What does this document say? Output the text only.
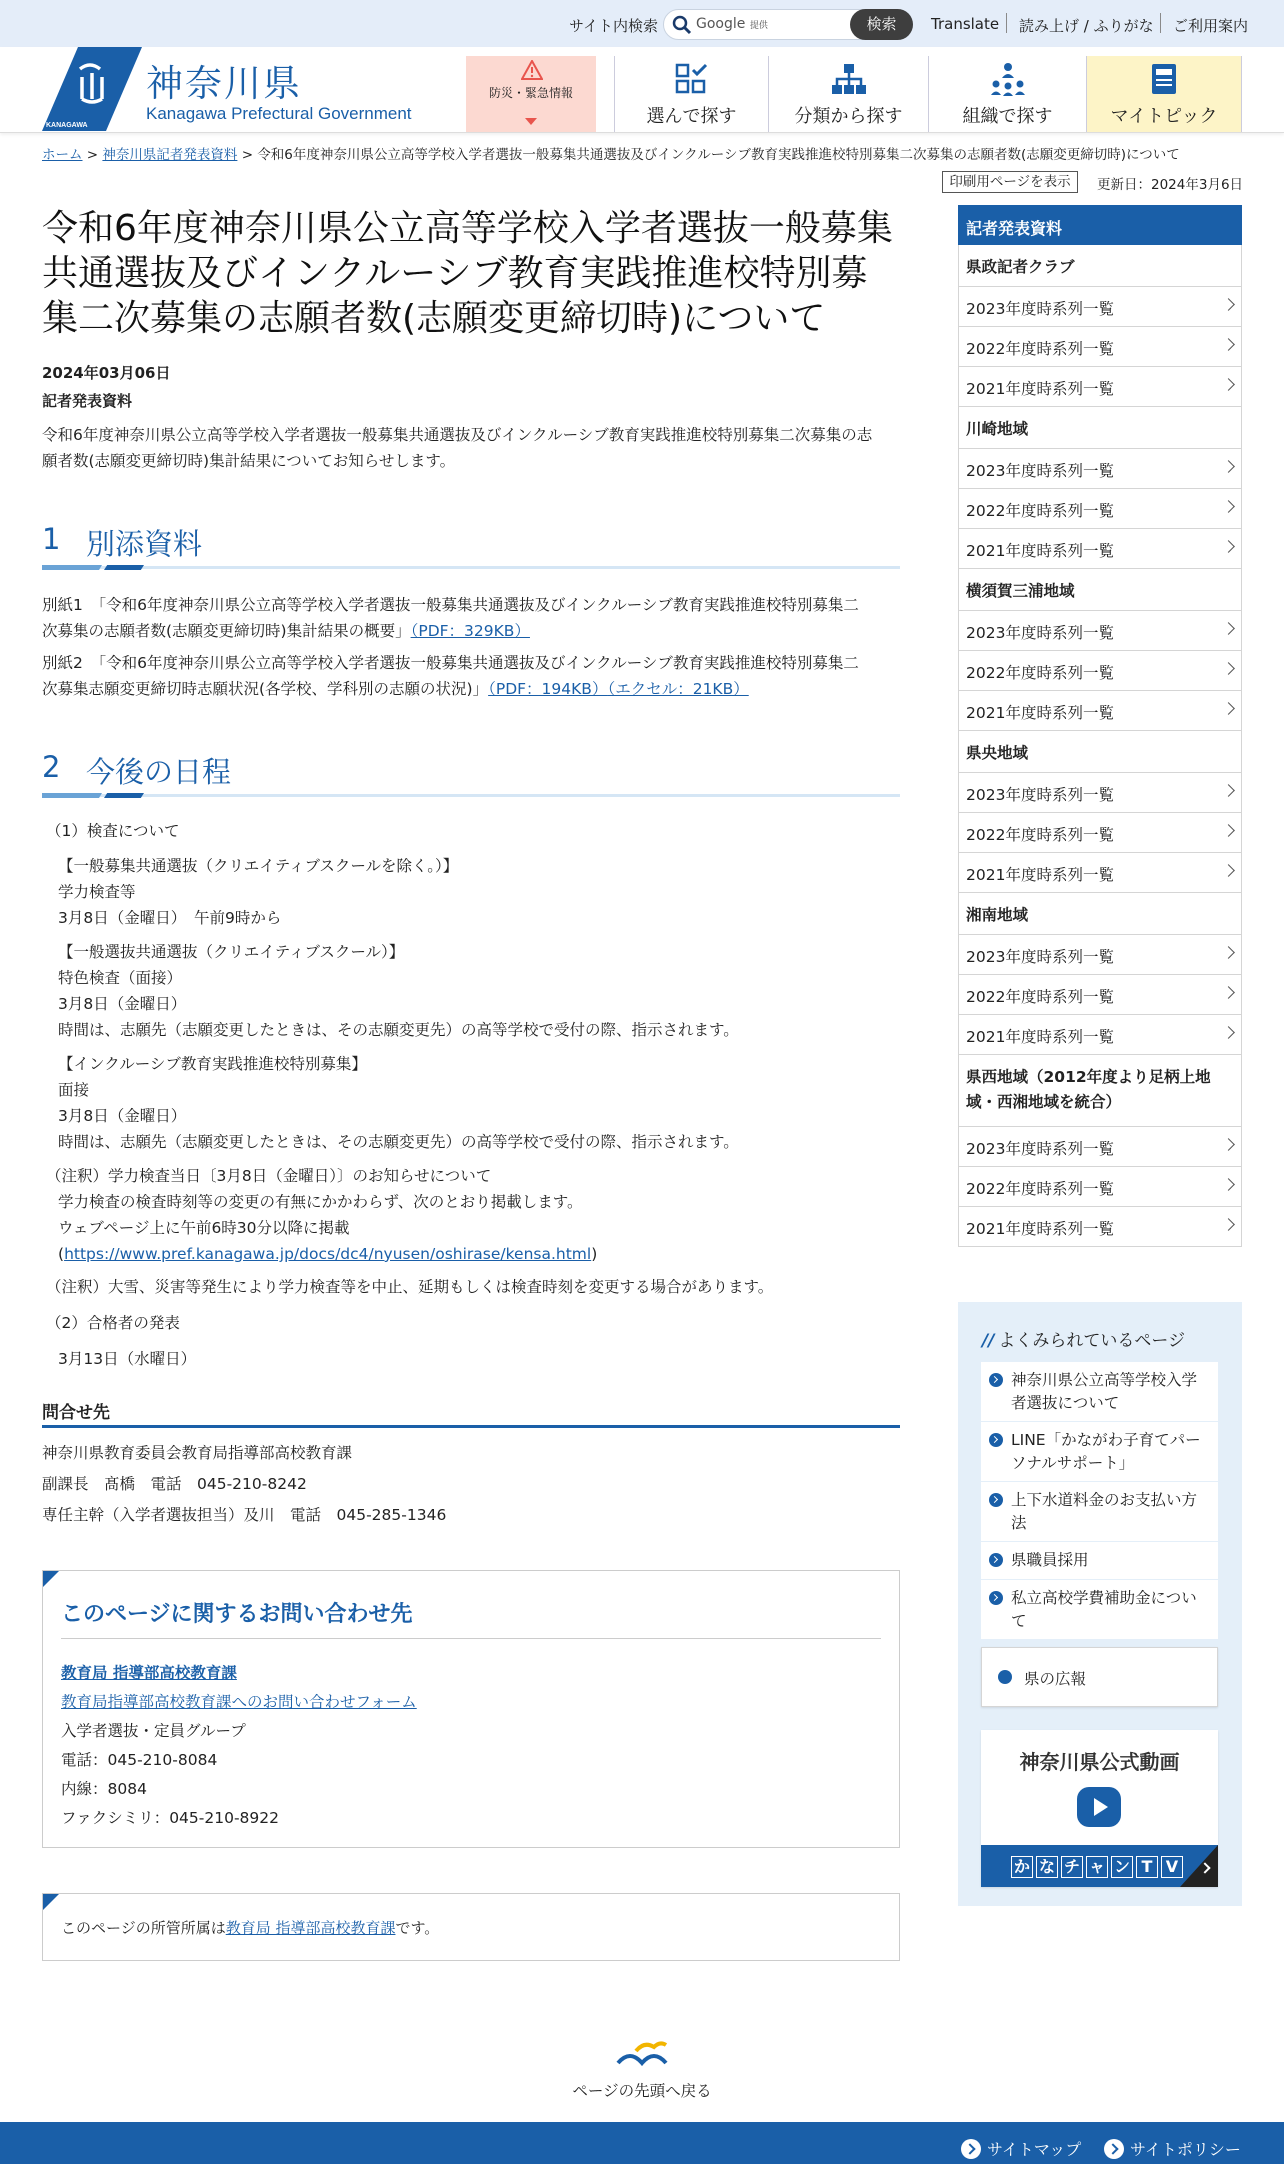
サイト内検索	Google 提供	検索	Translate 読み上げ / ふりがな ご利用案内
KANAGAWA
神奈川県
Kanagawa Prefectural Government
防災・緊急情報
選んで探す	分類から探す	組織で探す	マイトピック
ホーム > 神奈川県記者発表資料 > 令和6年度神奈川県公立高等学校入学者選抜一般募集共通選抜及びインクルーシブ教育実践推進校特別募集二次募集の志願者数(志願変更締切時)について
印刷用ページを表示	更新日：2024年3月6日
令和6年度神奈川県公立高等学校入学者選抜一般募集共通選抜及びインクルーシブ教育実践推進校特別募集二次募集の志願者数(志願変更締切時)について
2024年03月06日
記者発表資料
令和6年度神奈川県公立高等学校入学者選抜一般募集共通選抜及びインクルーシブ教育実践推進校特別募集二次募集の志
願者数(志願変更締切時)集計結果についてお知らせします。
1 別添資料
別紙1　「令和6年度神奈川県公立高等学校入学者選抜一般募集共通選抜及びインクルーシブ教育実践推進校特別募集二
次募集の志願者数(志願変更締切時)集計結果の概要」（PDF：329KB）
別紙2　「令和6年度神奈川県公立高等学校入学者選抜一般募集共通選抜及びインクルーシブ教育実践推進校特別募集二
次募集志願変更締切時志願状況(各学校、学科別の志願の状況)」（PDF：194KB）（エクセル：21KB）
2 今後の日程
（1）検査について
【一般募集共通選抜（クリエイティブスクールを除く。）】
学力検査等
3月8日（金曜日）　午前9時から
【一般選抜共通選抜（クリエイティブスクール）】
特色検査（面接）
3月8日（金曜日）
時間は、志願先（志願変更したときは、その志願変更先）の高等学校で受付の際、指示されます。
【インクルーシブ教育実践推進校特別募集】
面接
3月8日（金曜日）
時間は、志願先（志願変更したときは、その志願変更先）の高等学校で受付の際、指示されます。
（注釈）学力検査当日〔3月8日（金曜日）〕のお知らせについて
学力検査の検査時刻等の変更の有無にかかわらず、次のとおり掲載します。
ウェブページ上に午前6時30分以降に掲載
(https://www.pref.kanagawa.jp/docs/dc4/nyusen/oshirase/kensa.html)
（注釈）大雪、災害等発生により学力検査等を中止、延期もしくは検査時刻を変更する場合があります。
（2）合格者の発表
3月13日（水曜日）
問合せ先
神奈川県教育委員会教育局指導部高校教育課
副課長　髙橋　電話　045-210-8242
専任主幹（入学者選抜担当）及川　電話　045-285-1346
このページに関するお問い合わせ先
教育局 指導部高校教育課
教育局指導部高校教育課へのお問い合わせフォーム
入学者選抜・定員グループ
電話：045-210-8084
内線：8084
ファクシミリ：045-210-8922
このページの所管所属は教育局 指導部高校教育課です。
記者発表資料
県政記者クラブ
2023年度時系列一覧
2022年度時系列一覧
2021年度時系列一覧
川崎地域
2023年度時系列一覧
2022年度時系列一覧
2021年度時系列一覧
横須賀三浦地域
2023年度時系列一覧
2022年度時系列一覧
2021年度時系列一覧
県央地域
2023年度時系列一覧
2022年度時系列一覧
2021年度時系列一覧
湘南地域
2023年度時系列一覧
2022年度時系列一覧
2021年度時系列一覧
県西地域（2012年度より足柄上地域・西湘地域を統合）
2023年度時系列一覧
2022年度時系列一覧
2021年度時系列一覧
// よくみられているページ
神奈川県公立高等学校入学者選抜について
LINE「かながわ子育てパーソナルサポート」
上下水道料金のお支払い方法
県職員採用
私立高校学費補助金について
県の広報
神奈川県公式動画
か な チ ャ ン T V
ページの先頭へ戻る
サイトマップ	サイトポリシー
